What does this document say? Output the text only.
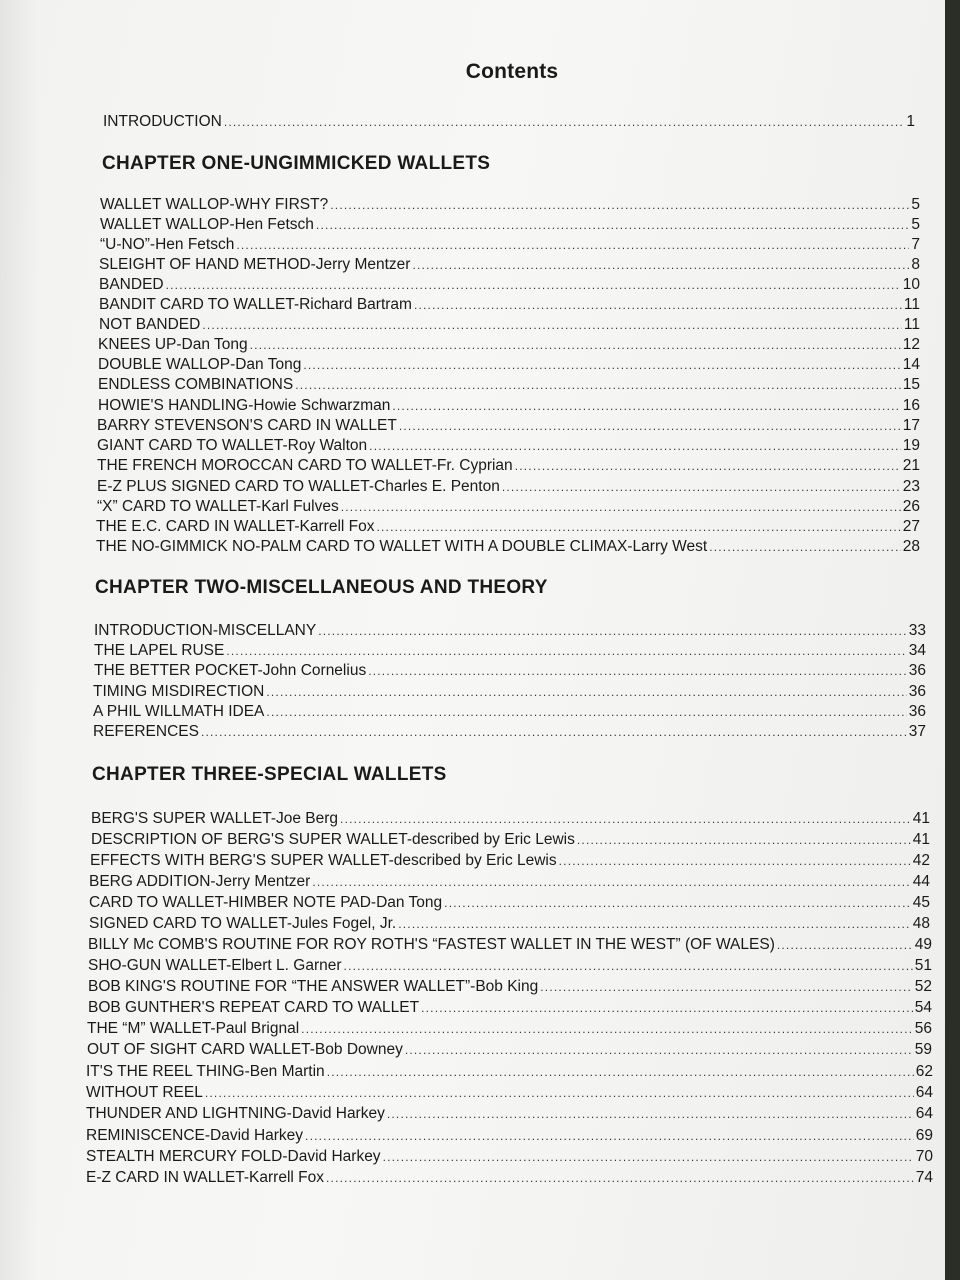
Contents
INTRODUCTION .....	1
CHAPTER ONE-UNGIMMICKED WALLETS
WALLET WALLOP-WHY FIRST? .....	5
WALLET WALLOP-Hen Fetsch .....	5
“U-NO”-Hen Fetsch .....	7
SLEIGHT OF HAND METHOD-Jerry Mentzer .....	8
BANDED .....	10
BANDIT CARD TO WALLET-Richard Bartram .....	11
NOT BANDED .....	11
KNEES UP-Dan Tong .....	12
DOUBLE WALLOP-Dan Tong .....	14
ENDLESS COMBINATIONS .....	15
HOWIE'S HANDLING-Howie Schwarzman .....	16
BARRY STEVENSON'S CARD IN WALLET .....	17
GIANT CARD TO WALLET-Roy Walton .....	19
THE FRENCH MOROCCAN CARD TO WALLET-Fr. Cyprian .....	21
E-Z PLUS SIGNED CARD TO WALLET-Charles E. Penton .....	23
“X” CARD TO WALLET-Karl Fulves .....	26
THE E.C. CARD IN WALLET-Karrell Fox .....	27
THE NO-GIMMICK NO-PALM CARD TO WALLET WITH A DOUBLE CLIMAX-Larry West .....	28
CHAPTER TWO-MISCELLANEOUS AND THEORY
INTRODUCTION-MISCELLANY .....	33
THE LAPEL RUSE .....	34
THE BETTER POCKET-John Cornelius .....	36
TIMING MISDIRECTION .....	36
A PHIL WILLMATH IDEA .....	36
REFERENCES .....	37
CHAPTER THREE-SPECIAL WALLETS
BERG'S SUPER WALLET-Joe Berg .....	41
DESCRIPTION OF BERG'S SUPER WALLET-described by Eric Lewis .....	41
EFFECTS WITH BERG'S SUPER WALLET-described by Eric Lewis .....	42
BERG ADDITION-Jerry Mentzer .....	44
CARD TO WALLET-HIMBER NOTE PAD-Dan Tong .....	45
SIGNED CARD TO WALLET-Jules Fogel, Jr. .....	48
BILLY Mc COMB'S ROUTINE FOR ROY ROTH'S “FASTEST WALLET IN THE WEST” (OF WALES) .....	49
SHO-GUN WALLET-Elbert L. Garner .....	51
BOB KING'S ROUTINE FOR “THE ANSWER WALLET”-Bob King .....	52
BOB GUNTHER'S REPEAT CARD TO WALLET .....	54
THE “M” WALLET-Paul Brignal .....	56
OUT OF SIGHT CARD WALLET-Bob Downey .....	59
IT'S THE REEL THING-Ben Martin .....	62
WITHOUT REEL .....	64
THUNDER AND LIGHTNING-David Harkey .....	64
REMINISCENCE-David Harkey .....	69
STEALTH MERCURY FOLD-David Harkey .....	70
E-Z CARD IN WALLET-Karrell Fox .....	74
